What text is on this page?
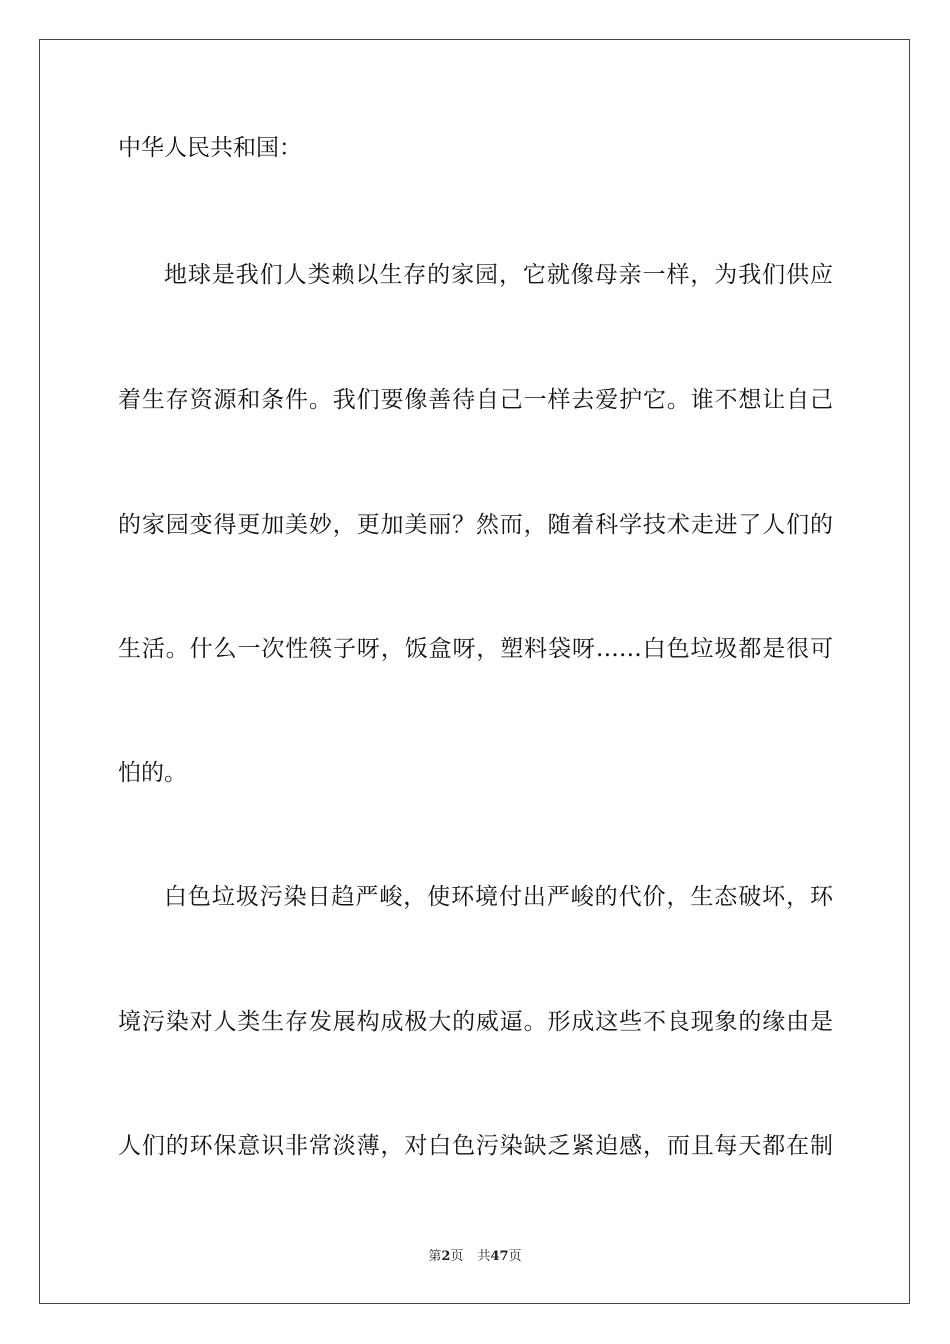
中华人民共和国：
地球是我们人类赖以生存的家园，它就像母亲一样，为我们供应
着生存资源和条件。我们要像善待自己一样去爱护它。谁不想让自己
的家园变得更加美妙，更加美丽？然而，随着科学技术走进了人们的
生活。什么一次性筷子呀，饭盒呀，塑料袋呀……白色垃圾都是很可
怕的。
白色垃圾污染日趋严峻，使环境付出严峻的代价，生态破坏，环
境污染对人类生存发展构成极大的威逼。形成这些不良现象的缘由是
人们的环保意识非常淡薄，对白色污染缺乏紧迫感，而且每天都在制
第2页 共47页
